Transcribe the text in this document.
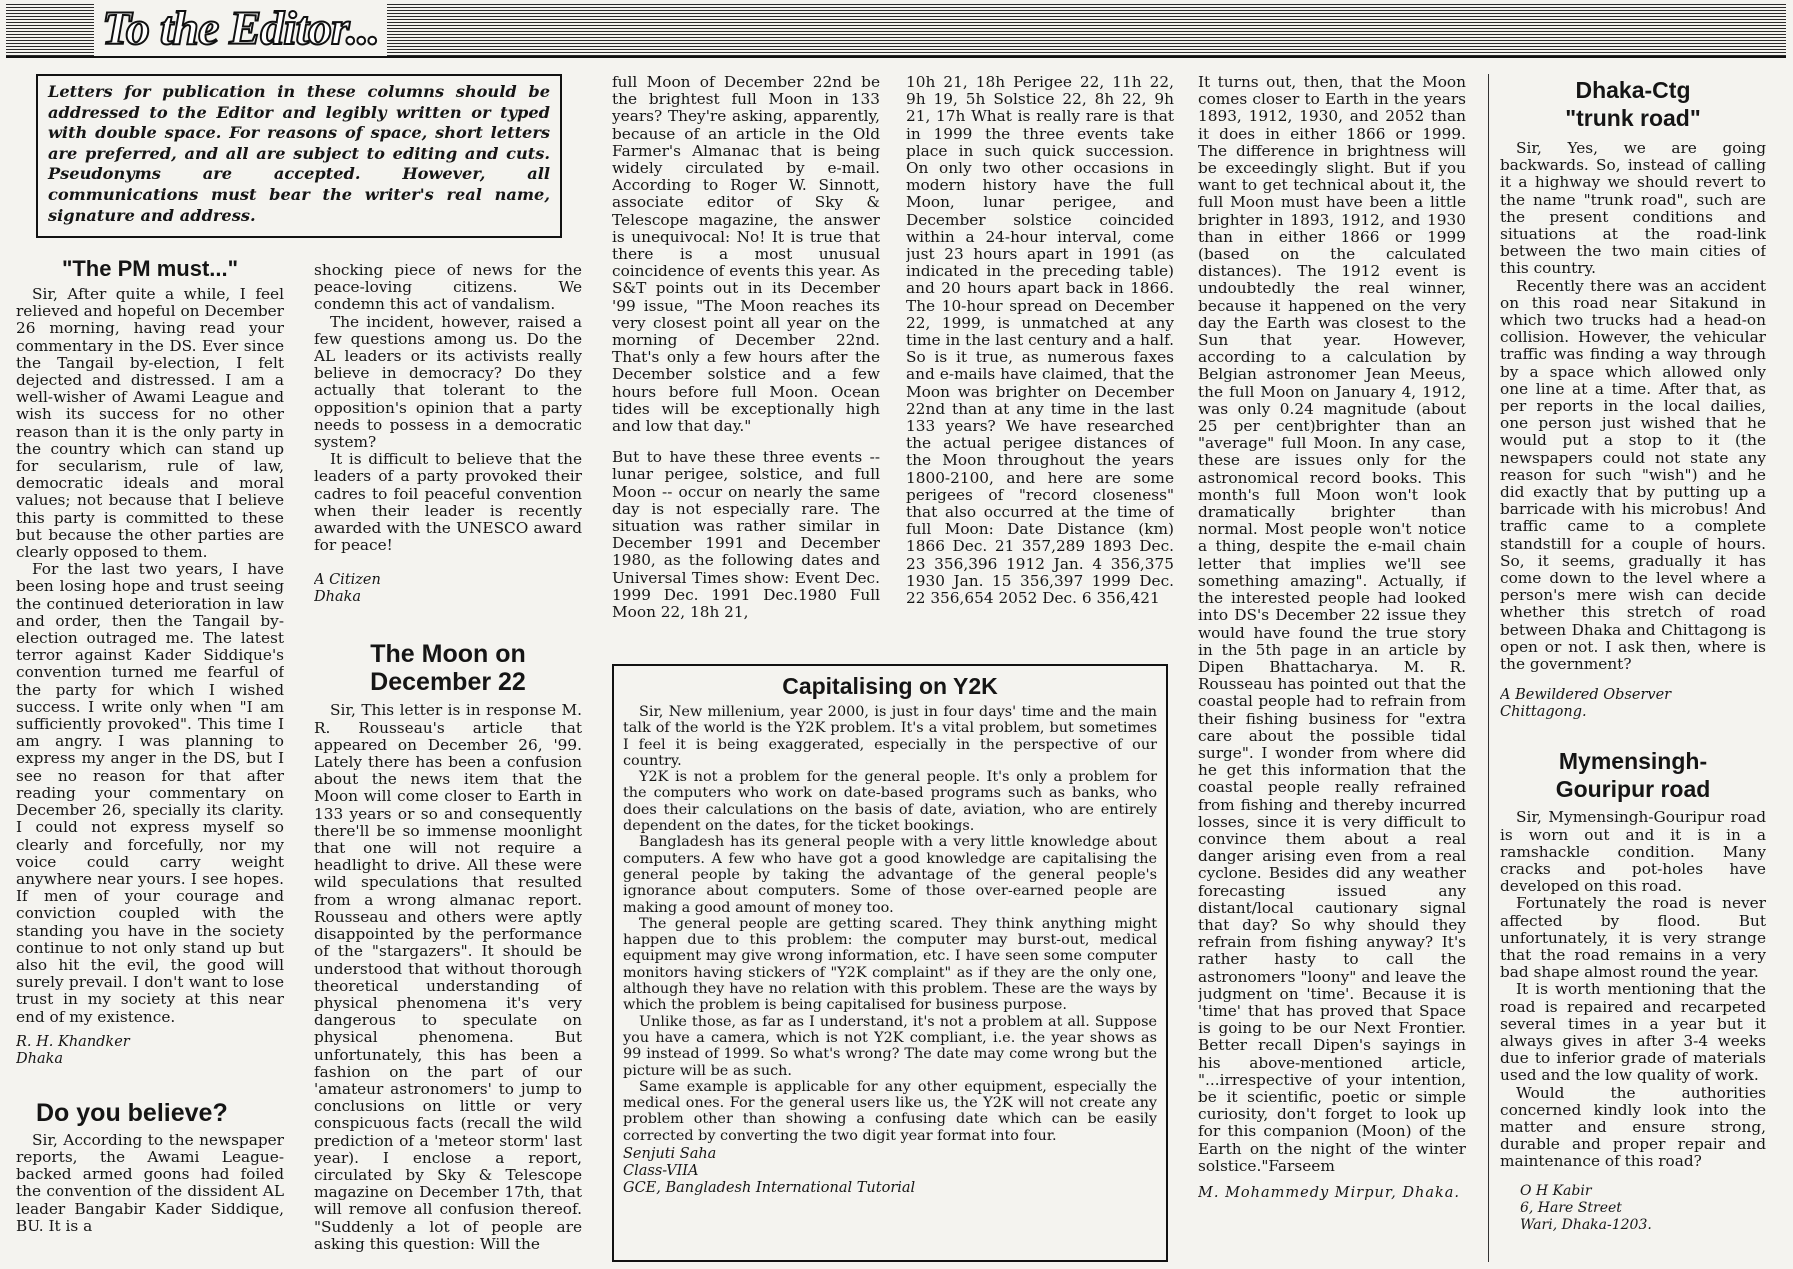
To the Editor...
Letters for publication in these columns should be addressed to the Editor and legibly written or typed with double space. For reasons of space, short letters are preferred, and all are subject to editing and cuts. Pseudonyms are accepted. However, all communications must bear the writer's real name, signature and address.
"The PM must..."

Sir, After quite a while, I feel relieved and hopeful on December 26 morning, having read your commentary in the DS. Ever since the Tangail by-election, I felt dejected and distressed. I am a well-wisher of Awami League and wish its success for no other reason than it is the only party in the country which can stand up for secularism, rule of law, democratic ideals and moral values; not because that I believe this party is committed to these but because the other parties are clearly opposed to them.

For the last two years, I have been losing hope and trust seeing the continued deterioration in law and order, then the Tangail by-election outraged me. The latest terror against Kader Siddique's convention turned me fearful of the party for which I wished success. I write only when "I am sufficiently provoked". This time I am angry. I was planning to express my anger in the DS, but I see no reason for that after reading your commentary on December 26, specially its clarity. I could not express myself so clearly and forcefully, nor my voice could carry weight anywhere near yours. I see hopes. If men of your courage and conviction coupled with the standing you have in the society continue to not only stand up but also hit the evil, the good will surely prevail. I don't want to lose trust in my society at this near end of my existence.

R. H. Khandker
Dhaka
Do you believe?

Sir, According to the newspaper reports, the Awami League-backed armed goons had foiled the convention of the dissident AL leader Bangabir Kader Siddique, BU. It is a

shocking piece of news for the peace-loving citizens. We condemn this act of vandalism.

The incident, however, raised a few questions among us. Do the AL leaders or its activists really believe in democracy? Do they actually that tolerant to the opposition's opinion that a party needs to possess in a democratic system?

It is difficult to believe that the leaders of a party provoked their cadres to foil peaceful convention when their leader is recently awarded with the UNESCO award for peace!

A Citizen
Dhaka
The Moon on December 22

Sir, This letter is in response M. R. Rousseau's article that appeared on December 26, '99. Lately there has been a confusion about the news item that the Moon will come closer to Earth in 133 years or so and consequently there'll be so immense moonlight that one will not require a headlight to drive. All these were wild speculations that resulted from a wrong almanac report. Rousseau and others were aptly disappointed by the performance of the "stargazers". It should be understood that without thorough theoretical understanding of physical phenomena it's very dangerous to speculate on physical phenomena. But unfortunately, this has been a fashion on the part of our 'amateur astronomers' to jump to conclusions on little or very conspicuous facts (recall the wild prediction of a 'meteor storm' last year). I enclose a report, circulated by Sky & Telescope magazine on December 17th, that will remove all confusion thereof. "Suddenly a lot of people are asking this question: Will the

full Moon of December 22nd be the brightest full Moon in 133 years? They're asking, apparently, because of an article in the Old Farmer's Almanac that is being widely circulated by e-mail. According to Roger W. Sinnott, associate editor of Sky & Telescope magazine, the answer is unequivocal: No! It is true that there is a most unusual coincidence of events this year. As S&T points out in its December '99 issue, "The Moon reaches its very closest point all year on the morning of December 22nd. That's only a few hours after the December solstice and a few hours before full Moon. Ocean tides will be exceptionally high and low that day."

But to have these three events -- lunar perigee, solstice, and full Moon -- occur on nearly the same day is not especially rare. The situation was rather similar in December 1991 and December 1980, as the following dates and Universal Times show: Event Dec. 1999 Dec. 1991 Dec.1980 Full Moon 22, 18h 21,

10h 21, 18h Perigee 22, 11h 22, 9h 19, 5h Solstice 22, 8h 22, 9h 21, 17h What is really rare is that in 1999 the three events take place in such quick succession. On only two other occasions in modern history have the full Moon, lunar perigee, and December solstice coincided within a 24-hour interval, come just 23 hours apart in 1991 (as indicated in the preceding table) and 20 hours apart back in 1866. The 10-hour spread on December 22, 1999, is unmatched at any time in the last century and a half. So is it true, as numerous faxes and e-mails have claimed, that the Moon was brighter on December 22nd than at any time in the last 133 years? We have researched the actual perigee distances of the Moon throughout the years 1800-2100, and here are some perigees of "record closeness" that also occurred at the time of full Moon: Date Distance (km) 1866 Dec. 21 357,289 1893 Dec. 23 356,396 1912 Jan. 4 356,375 1930 Jan. 15 356,397 1999 Dec. 22 356,654 2052 Dec. 6 356,421

It turns out, then, that the Moon comes closer to Earth in the years 1893, 1912, 1930, and 2052 than it does in either 1866 or 1999. The difference in brightness will be exceedingly slight. But if you want to get technical about it, the full Moon must have been a little brighter in 1893, 1912, and 1930 than in either 1866 or 1999 (based on the calculated distances). The 1912 event is undoubtedly the real winner, because it happened on the very day the Earth was closest to the Sun that year. However, according to a calculation by Belgian astronomer Jean Meeus, the full Moon on January 4, 1912, was only 0.24 magnitude (about 25 per cent)brighter than an "average" full Moon. In any case, these are issues only for the astronomical record books. This month's full Moon won't look dramatically brighter than normal. Most people won't notice a thing, despite the e-mail chain letter that implies we'll see something amazing". Actually, if the interested people had looked into DS's December 22 issue they would have found the true story in the 5th page in an article by Dipen Bhattacharya. M. R. Rousseau has pointed out that the coastal people had to refrain from their fishing business for "extra care about the possible tidal surge". I wonder from where did he get this information that the coastal people really refrained from fishing and thereby incurred losses, since it is very difficult to convince them about a real danger arising even from a real cyclone. Besides did any weather forecasting issued any distant/local cautionary signal that day? So why should they refrain from fishing anyway? It's rather hasty to call the astronomers "loony" and leave the judgment on 'time'. Because it is 'time' that has proved that Space is going to be our Next Frontier. Better recall Dipen's sayings in his above-mentioned article, "...irrespective of your intention, be it scientific, poetic or simple curiosity, don't forget to look up for this companion (Moon) of the Earth on the night of the winter solstice."Farseem

M. Mohammedy Mirpur, Dhaka.
Capitalising on Y2K

Sir, New millenium, year 2000, is just in four days' time and the main talk of the world is the Y2K problem. It's a vital problem, but sometimes I feel it is being exaggerated, especially in the perspective of our country.

Y2K is not a problem for the general people. It's only a problem for the computers who work on date-based programs such as banks, who does their calculations on the basis of date, aviation, who are entirely dependent on the dates, for the ticket bookings.

Bangladesh has its general people with a very little knowledge about computers. A few who have got a good knowledge are capitalising the general people by taking the advantage of the general people's ignorance about computers. Some of those over-earned people are making a good amount of money too.

The general people are getting scared. They think anything might happen due to this problem: the computer may burst-out, medical equipment may give wrong information, etc. I have seen some computer monitors having stickers of "Y2K complaint" as if they are the only one, although they have no relation with this problem. These are the ways by which the problem is being capitalised for business purpose.

Unlike those, as far as I understand, it's not a problem at all. Suppose you have a camera, which is not Y2K compliant, i.e. the year shows as 99 instead of 1999. So what's wrong? The date may come wrong but the picture will be as such.

Same example is applicable for any other equipment, especially the medical ones. For the general users like us, the Y2K will not create any problem other than showing a confusing date which can be easily corrected by converting the two digit year format into four.

Senjuti Saha
Class-VIIA
GCE, Bangladesh International Tutorial
Dhaka-Ctg
"trunk road"

Sir, Yes, we are going backwards. So, instead of calling it a highway we should revert to the name "trunk road", such are the present conditions and situations at the road-link between the two main cities of this country.

Recently there was an accident on this road near Sitakund in which two trucks had a head-on collision. However, the vehicular traffic was finding a way through by a space which allowed only one line at a time. After that, as per reports in the local dailies, one person just wished that he would put a stop to it (the newspapers could not state any reason for such "wish") and he did exactly that by putting up a barricade with his microbus! And traffic came to a complete standstill for a couple of hours. So, it seems, gradually it has come down to the level where a person's mere wish can decide whether this stretch of road between Dhaka and Chittagong is open or not. I ask then, where is the government?

A Bewildered Observer
Chittagong.
Mymensingh-
Gouripur road

Sir, Mymensingh-Gouripur road is worn out and it is in a ramshackle condition. Many cracks and pot-holes have developed on this road.

Fortunately the road is never affected by flood. But unfortunately, it is very strange that the road remains in a very bad shape almost round the year.

It is worth mentioning that the road is repaired and recarpeted several times in a year but it always gives in after 3-4 weeks due to inferior grade of materials used and the low quality of work.

Would the authorities concerned kindly look into the matter and ensure strong, durable and proper repair and maintenance of this road?

O H Kabir
6, Hare Street
Wari, Dhaka-1203.
